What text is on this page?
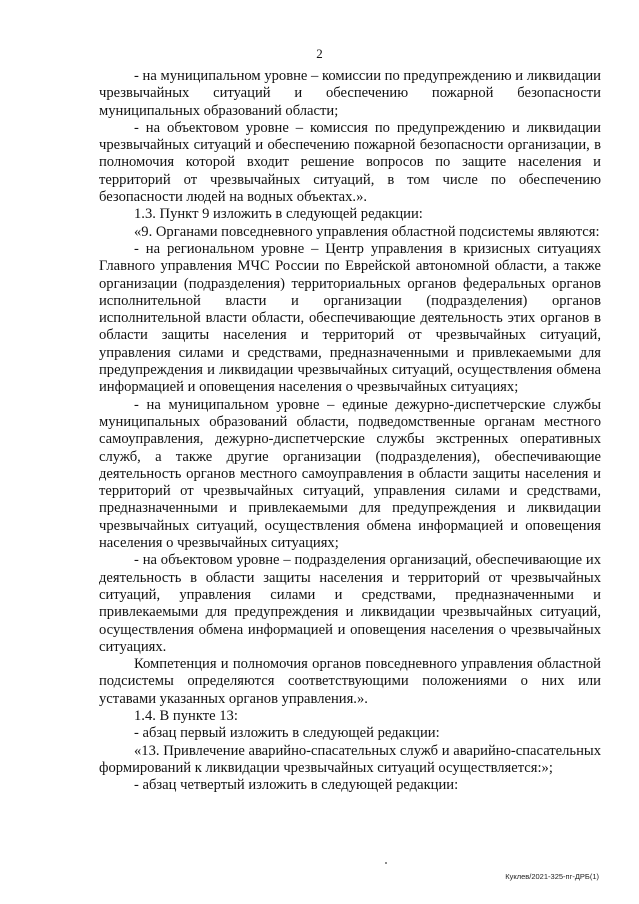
2

- на муниципальном уровне – комиссии по предупреждению и ликвидации чрезвычайных ситуаций и обеспечению пожарной безопасности муниципальных образований области;

- на объектовом уровне – комиссия по предупреждению и ликвидации чрезвычайных ситуаций и обеспечению пожарной безопасности организации, в полномочия которой входит решение вопросов по защите населения и территорий от чрезвычайных ситуаций, в том числе по обеспечению безопасности людей на водных объектах.».

1.3. Пункт 9 изложить в следующей редакции:

«9. Органами повседневного управления областной подсистемы являются:

- на региональном уровне – Центр управления в кризисных ситуациях Главного управления МЧС России по Еврейской автономной области, а также организации (подразделения) территориальных органов федеральных органов исполнительной власти и организации (подразделения) органов исполнительной власти области, обеспечивающие деятельность этих органов в области защиты населения и территорий от чрезвычайных ситуаций, управления силами и средствами, предназначенными и привлекаемыми для предупреждения и ликвидации чрезвычайных ситуаций, осуществления обмена информацией и оповещения населения о чрезвычайных ситуациях;

- на муниципальном уровне – единые дежурно-диспетчерские службы муниципальных образований области, подведомственные органам местного самоуправления, дежурно-диспетчерские службы экстренных оперативных служб, а также другие организации (подразделения), обеспечивающие деятельность органов местного самоуправления в области защиты населения и территорий от чрезвычайных ситуаций, управления силами и средствами, предназначенными и привлекаемыми для предупреждения и ликвидации чрезвычайных ситуаций, осуществления обмена информацией и оповещения населения о чрезвычайных ситуациях;

- на объектовом уровне – подразделения организаций, обеспечивающие их деятельность в области защиты населения и территорий от чрезвычайных ситуаций, управления силами и средствами, предназначенными и привлекаемыми для предупреждения и ликвидации чрезвычайных ситуаций, осуществления обмена информацией и оповещения населения о чрезвычайных ситуациях.

Компетенция и полномочия органов повседневного управления областной подсистемы определяются соответствующими положениями о них или уставами указанных органов управления.».

1.4. В пункте 13:

- абзац первый изложить в следующей редакции:

«13. Привлечение аварийно-спасательных служб и аварийно-спасательных формирований к ликвидации чрезвычайных ситуаций осуществляется:»;

- абзац четвертый изложить в следующей редакции:

Куклев/2021-325-пг-ДРБ(1)
